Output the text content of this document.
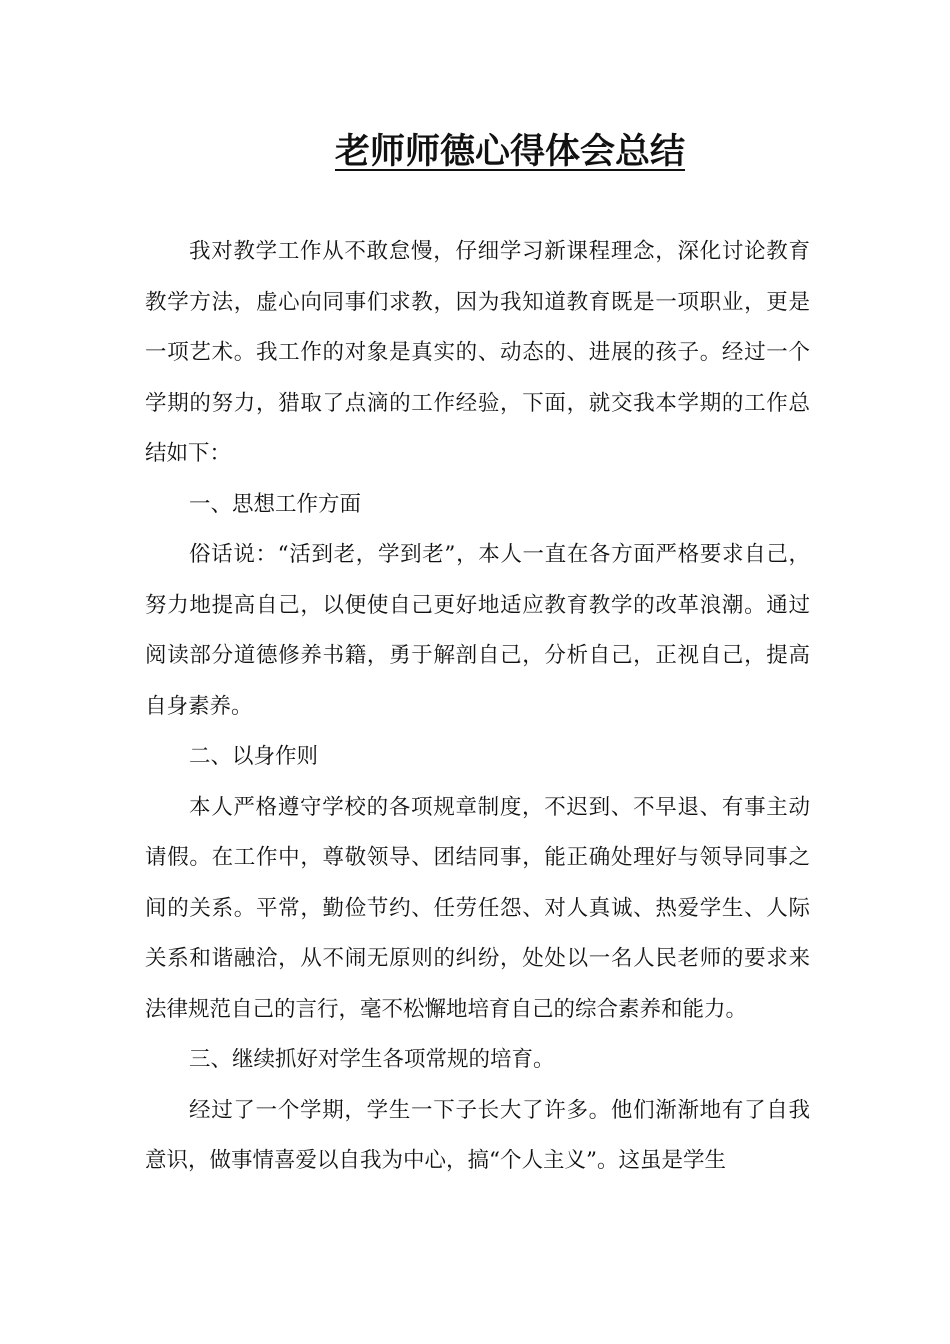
老师师德心得体会总结

我对教学工作从不敢怠慢，仔细学习新课程理念，深化讨论教育教学方法，虚心向同事们求教，因为我知道教育既是一项职业，更是一项艺术。我工作的对象是真实的、动态的、进展的孩子。经过一个学期的努力，猎取了点滴的工作经验，下面，就交我本学期的工作总结如下：

一、思想工作方面

俗话说：“活到老，学到老”，本人一直在各方面严格要求自己，努力地提高自己，以便使自己更好地适应教育教学的改革浪潮。通过阅读部分道德修养书籍，勇于解剖自己，分析自己，正视自己，提高自身素养。

二、以身作则

本人严格遵守学校的各项规章制度，不迟到、不早退、有事主动请假。在工作中，尊敬领导、团结同事，能正确处理好与领导同事之间的关系。平常，勤俭节约、任劳任怨、对人真诚、热爱学生、人际关系和谐融洽，从不闹无原则的纠纷，处处以一名人民老师的要求来法律规范自己的言行，毫不松懈地培育自己的综合素养和能力。

三、继续抓好对学生各项常规的培育。

经过了一个学期，学生一下子长大了许多。他们渐渐地有了自我意识，做事情喜爱以自我为中心，搞“个人主义”。这虽是学生
